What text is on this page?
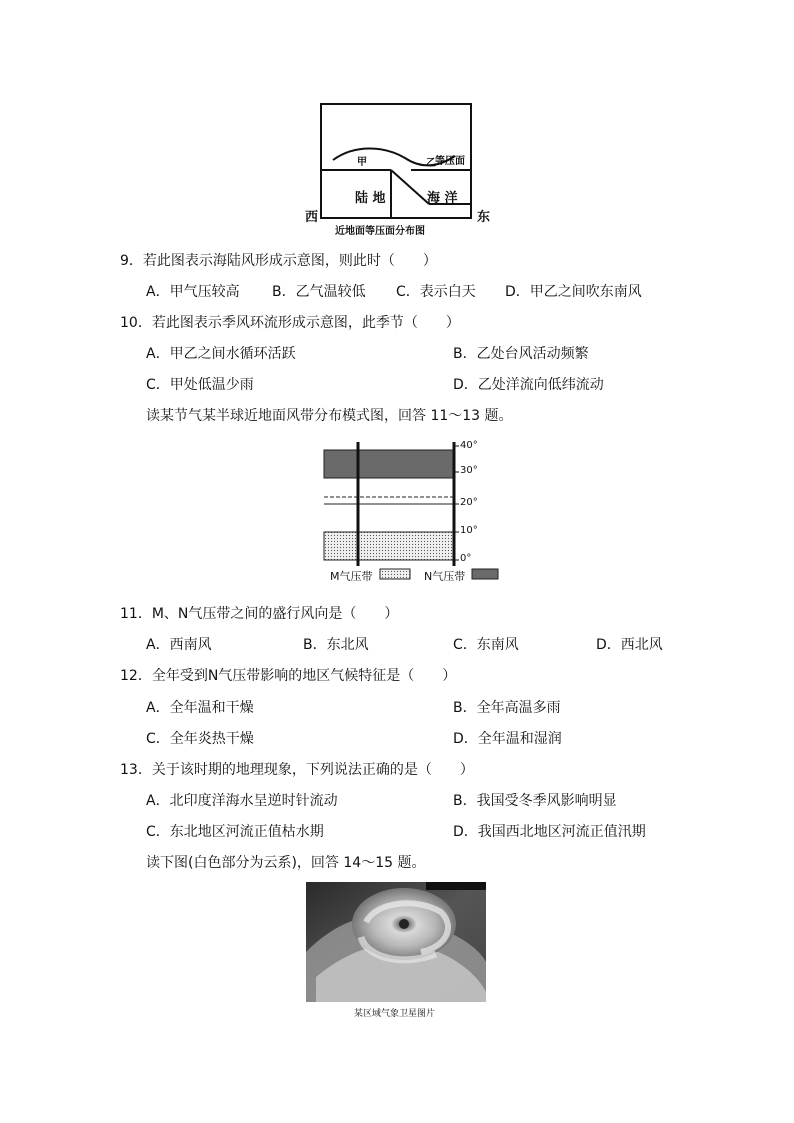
甲	乙 等压面
陆 地	海 洋
西	东
近地面等压面分布图
9．若此图表示海陆风形成示意图，则此时（　　）
A．甲气压较高 B．乙气温较低 C．表示白天 D．甲乙之间吹东南风
10．若此图表示季风环流形成示意图，此季节（　　）
A．甲乙之间水循环活跃	B．乙处台风活动频繁
C．甲处低温少雨	D．乙处洋流向低纬流动
读某节气某半球近地面风带分布模式图，回答 11～13 题。
40°
30°
20°
10°
0°
M气压带	N气压带
11．M、N气压带之间的盛行风向是（　　）
A．西南风	B．东北风	C．东南风	D．西北风
12．全年受到N气压带影响的地区气候特征是（　　）
A．全年温和干燥	B．全年高温多雨
C．全年炎热干燥	D．全年温和湿润
13．关于该时期的地理现象，下列说法正确的是（　　）
A．北印度洋海水呈逆时针流动	B．我国受冬季风影响明显
C．东北地区河流正值枯水期	D．我国西北地区河流正值汛期
读下图(白色部分为云系)，回答 14～15 题。
某区域气象卫星图片
